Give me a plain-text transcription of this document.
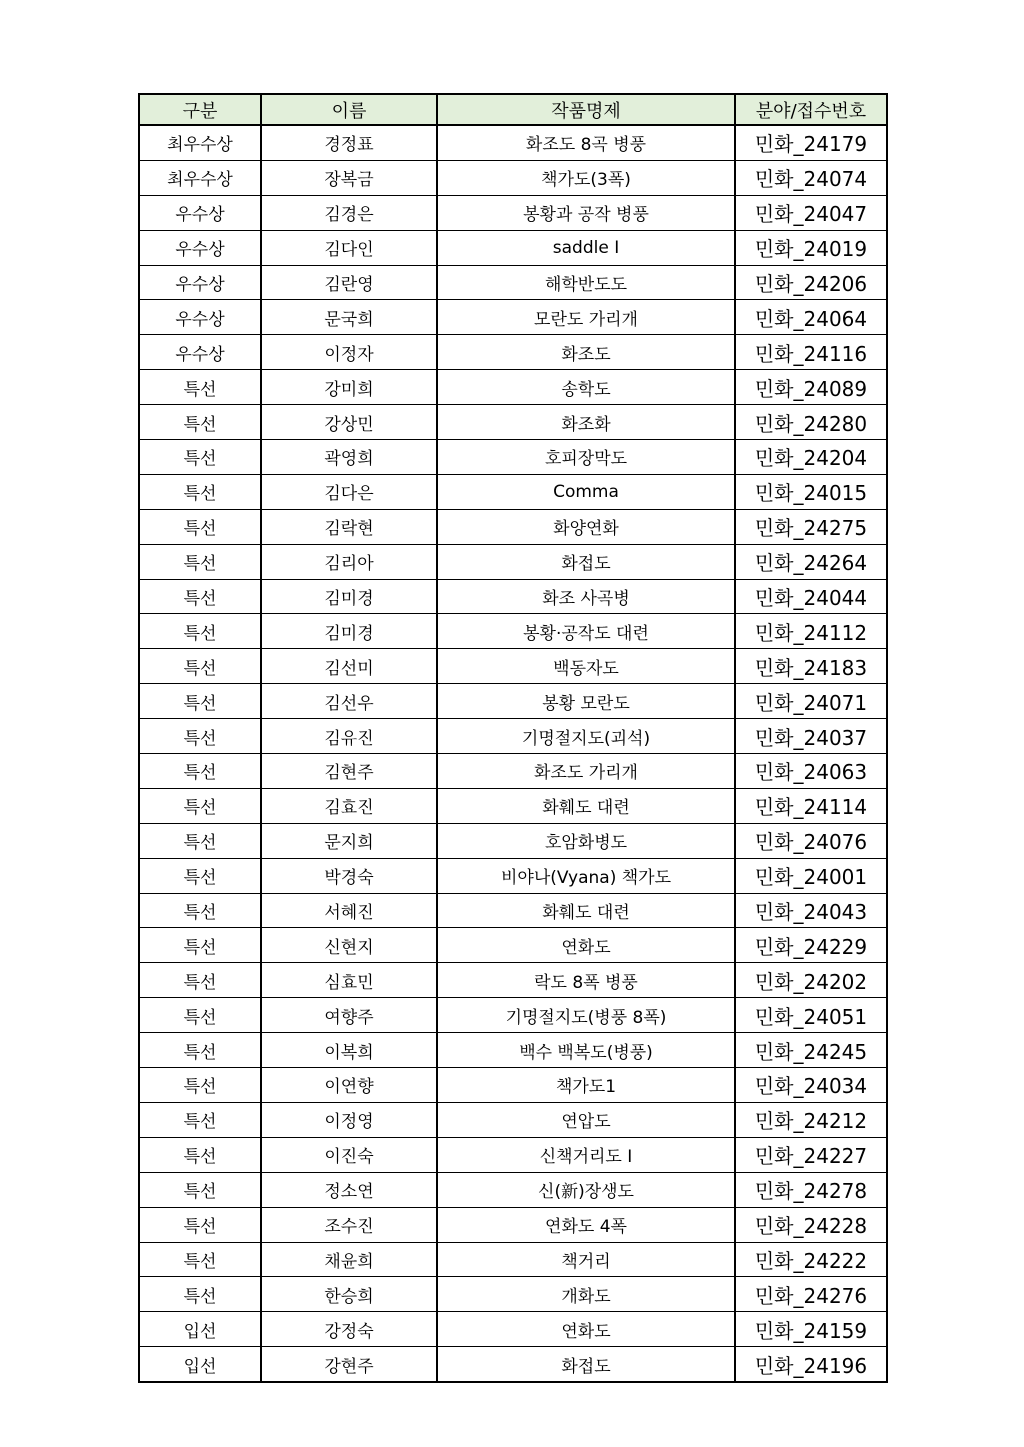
구분	이름	작품명제	분야/접수번호
최우수상	경정표	화조도 8곡 병풍	민화_24179
최우수상	장복금	책가도(3폭)	민화_24074
우수상	김경은	봉황과 공작 병풍	민화_24047
우수상	김다인	saddle Ⅰ	민화_24019
우수상	김란영	해학반도도	민화_24206
우수상	문국희	모란도 가리개	민화_24064
우수상	이정자	화조도	민화_24116
특선	강미희	송학도	민화_24089
특선	강상민	화조화	민화_24280
특선	곽영희	호피장막도	민화_24204
특선	김다은	Comma	민화_24015
특선	김락현	화양연화	민화_24275
특선	김리아	화접도	민화_24264
특선	김미경	화조 사곡병	민화_24044
특선	김미경	봉황·공작도 대련	민화_24112
특선	김선미	백동자도	민화_24183
특선	김선우	봉황 모란도	민화_24071
특선	김유진	기명절지도(괴석)	민화_24037
특선	김현주	화조도 가리개	민화_24063
특선	김효진	화훼도 대련	민화_24114
특선	문지희	호암화병도	민화_24076
특선	박경숙	비야나(Vyana) 책가도	민화_24001
특선	서혜진	화훼도 대련	민화_24043
특선	신현지	연화도	민화_24229
특선	심효민	락도 8폭 병풍	민화_24202
특선	여향주	기명절지도(병풍 8폭)	민화_24051
특선	이복희	백수 백복도(병풍)	민화_24245
특선	이연향	책가도1	민화_24034
특선	이정영	연압도	민화_24212
특선	이진숙	신책거리도 I	민화_24227
특선	정소연	신(新)장생도	민화_24278
특선	조수진	연화도 4폭	민화_24228
특선	채윤희	책거리	민화_24222
특선	한승희	개화도	민화_24276
입선	강정숙	연화도	민화_24159
입선	강현주	화접도	민화_24196
